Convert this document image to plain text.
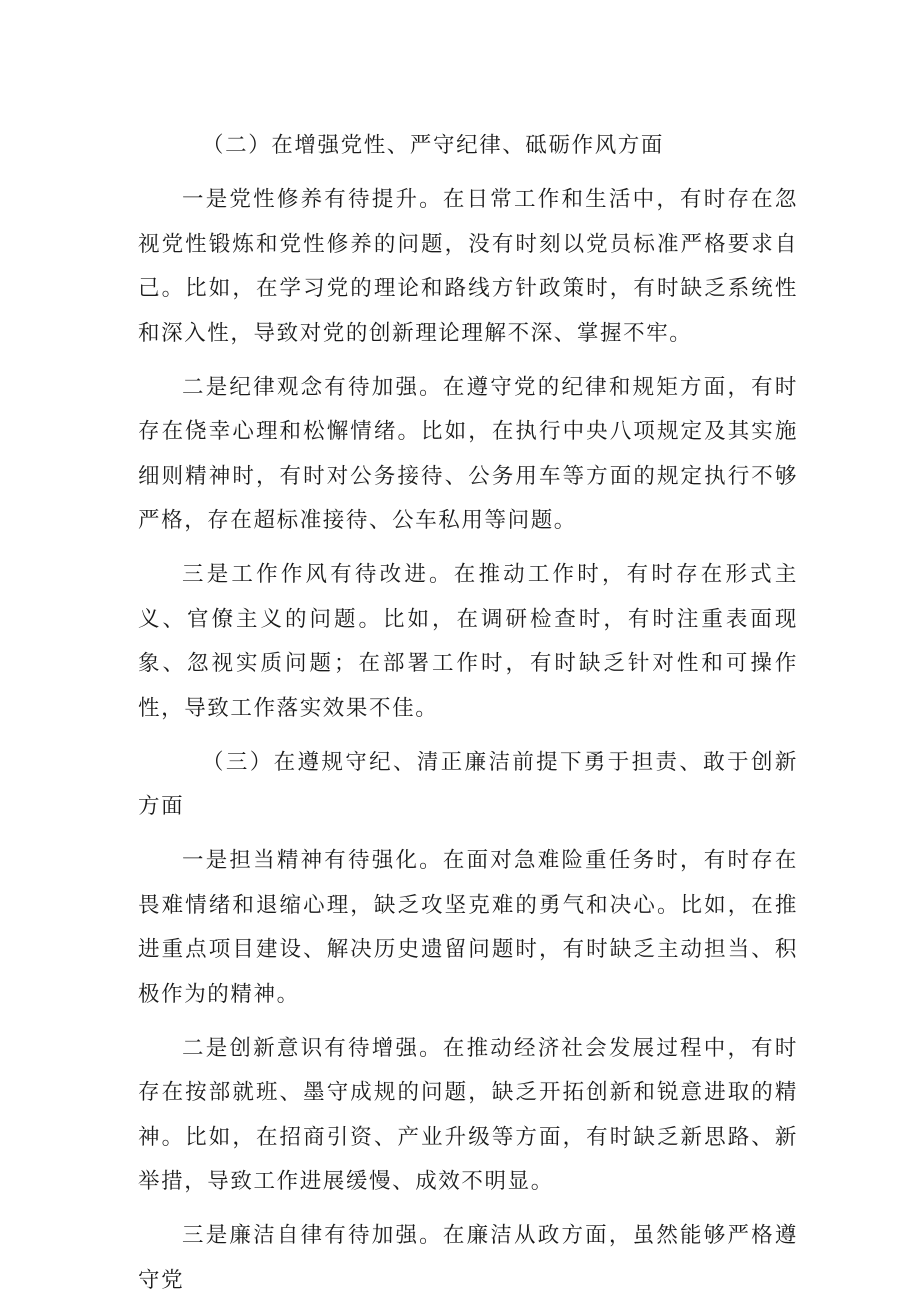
（二）在增强党性、严守纪律、砥砺作风方面

一是党性修养有待提升。在日常工作和生活中，有时存在忽视党性锻炼和党性修养的问题，没有时刻以党员标准严格要求自己。比如，在学习党的理论和路线方针政策时，有时缺乏系统性和深入性，导致对党的创新理论理解不深、掌握不牢。

二是纪律观念有待加强。在遵守党的纪律和规矩方面，有时存在侥幸心理和松懈情绪。比如，在执行中央八项规定及其实施细则精神时，有时对公务接待、公务用车等方面的规定执行不够严格，存在超标准接待、公车私用等问题。

三是工作作风有待改进。在推动工作时，有时存在形式主义、官僚主义的问题。比如，在调研检查时，有时注重表面现象、忽视实质问题；在部署工作时，有时缺乏针对性和可操作性，导致工作落实效果不佳。

（三）在遵规守纪、清正廉洁前提下勇于担责、敢于创新方面

一是担当精神有待强化。在面对急难险重任务时，有时存在畏难情绪和退缩心理，缺乏攻坚克难的勇气和决心。比如，在推进重点项目建设、解决历史遗留问题时，有时缺乏主动担当、积极作为的精神。

二是创新意识有待增强。在推动经济社会发展过程中，有时存在按部就班、墨守成规的问题，缺乏开拓创新和锐意进取的精神。比如，在招商引资、产业升级等方面，有时缺乏新思路、新举措，导致工作进展缓慢、成效不明显。

三是廉洁自律有待加强。在廉洁从政方面，虽然能够严格遵守党
